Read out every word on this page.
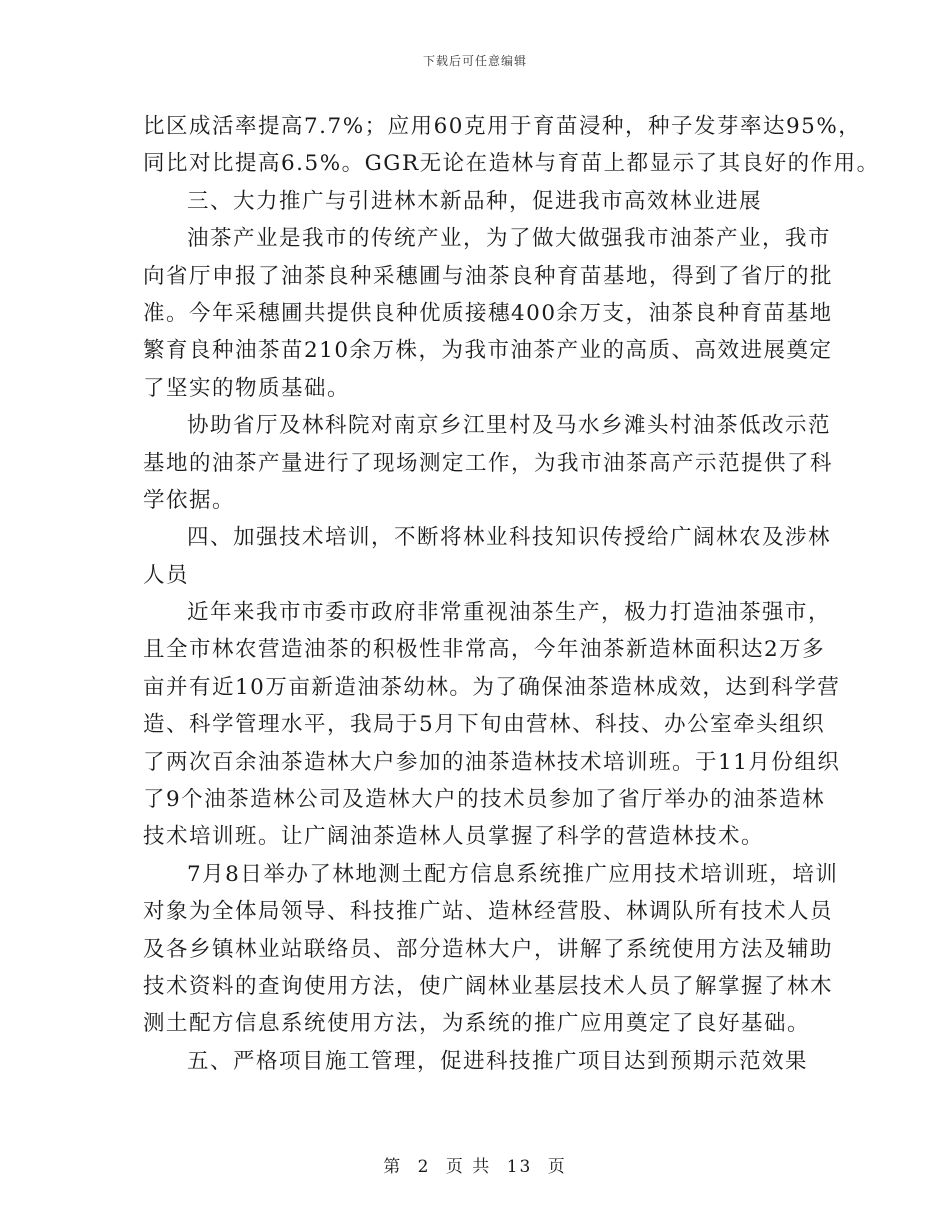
下载后可任意编辑
比区成活率提高7.7%；应用60克用于育苗浸种，种子发芽率达95%，
同比对比提高6.5%。GGR无论在造林与育苗上都显示了其良好的作用。
三、大力推广与引进林木新品种，促进我市高效林业进展
油茶产业是我市的传统产业，为了做大做强我市油茶产业，我市
向省厅申报了油茶良种采穗圃与油茶良种育苗基地，得到了省厅的批
准。今年采穗圃共提供良种优质接穗400余万支，油茶良种育苗基地
繁育良种油茶苗210余万株，为我市油茶产业的高质、高效进展奠定
了坚实的物质基础。
协助省厅及林科院对南京乡江里村及马水乡滩头村油茶低改示范
基地的油茶产量进行了现场测定工作，为我市油茶高产示范提供了科
学依据。
四、加强技术培训，不断将林业科技知识传授给广阔林农及涉林
人员
近年来我市市委市政府非常重视油茶生产，极力打造油茶强市，
且全市林农营造油茶的积极性非常高，今年油茶新造林面积达2万多
亩并有近10万亩新造油茶幼林。为了确保油茶造林成效，达到科学营
造、科学管理水平，我局于5月下旬由营林、科技、办公室牵头组织
了两次百余油茶造林大户参加的油茶造林技术培训班。于11月份组织
了9个油茶造林公司及造林大户的技术员参加了省厅举办的油茶造林
技术培训班。让广阔油茶造林人员掌握了科学的营造林技术。
7月8日举办了林地测土配方信息系统推广应用技术培训班，培训
对象为全体局领导、科技推广站、造林经营股、林调队所有技术人员
及各乡镇林业站联络员、部分造林大户，讲解了系统使用方法及辅助
技术资料的查询使用方法，使广阔林业基层技术人员了解掌握了林木
测土配方信息系统使用方法，为系统的推广应用奠定了良好基础。
五、严格项目施工管理，促进科技推广项目达到预期示范效果
第 2 页 共 13 页
